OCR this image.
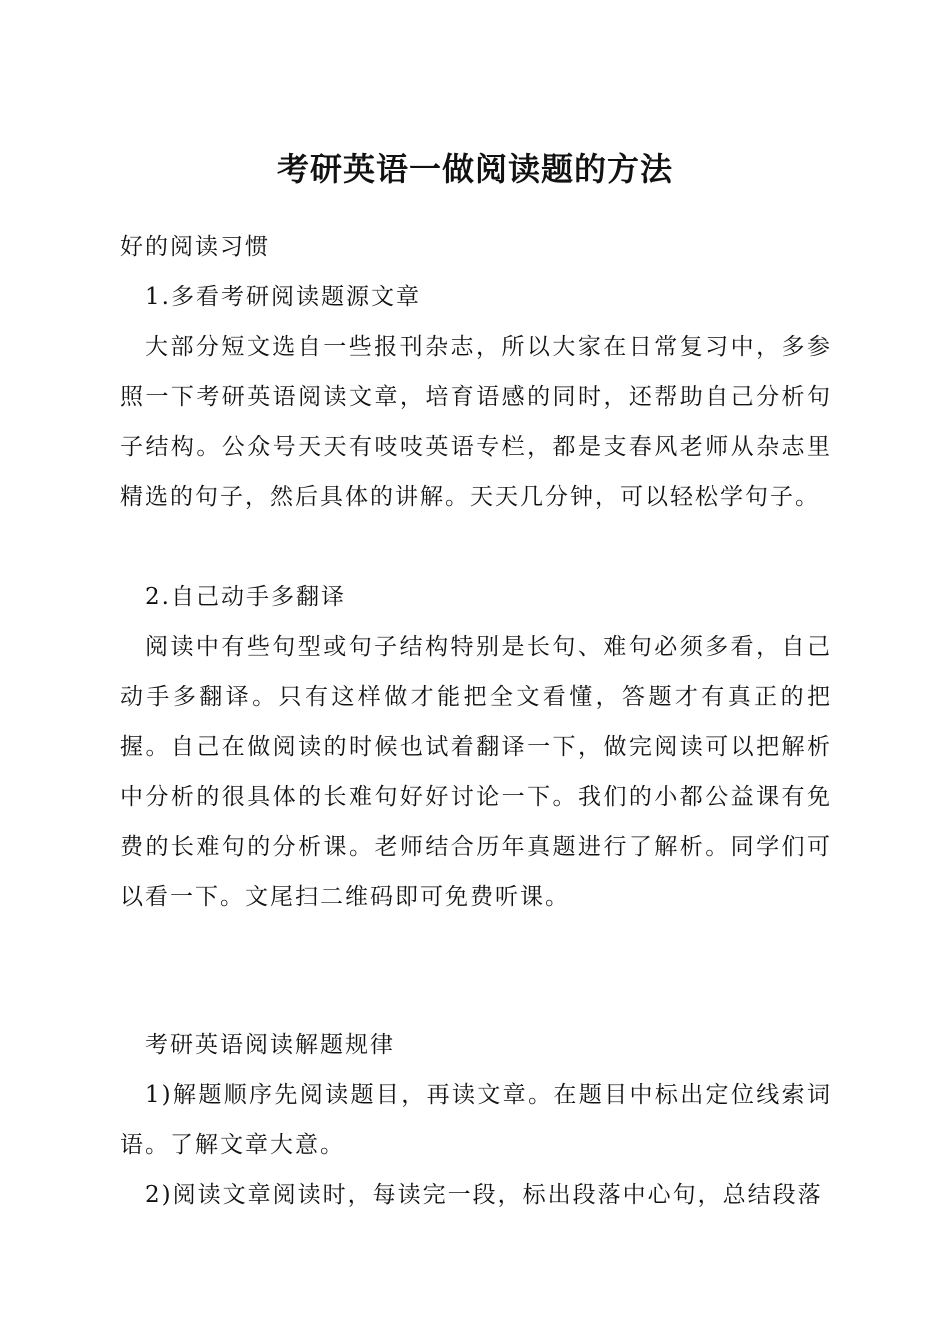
考研英语一做阅读题的方法

好的阅读习惯

1.多看考研阅读题源文章

大部分短文选自一些报刊杂志，所以大家在日常复习中，多参照一下考研英语阅读文章，培育语感的同时，还帮助自己分析句子结构。公众号天天有吱吱英语专栏，都是支春风老师从杂志里精选的句子，然后具体的讲解。天天几分钟，可以轻松学句子。

2.自己动手多翻译

阅读中有些句型或句子结构特别是长句、难句必须多看，自己动手多翻译。只有这样做才能把全文看懂，答题才有真正的把握。自己在做阅读的时候也试着翻译一下，做完阅读可以把解析中分析的很具体的长难句好好讨论一下。我们的小都公益课有免费的长难句的分析课。老师结合历年真题进行了解析。同学们可以看一下。文尾扫二维码即可免费听课。

考研英语阅读解题规律

1)解题顺序先阅读题目，再读文章。在题目中标出定位线索词语。了解文章大意。

2)阅读文章阅读时，每读完一段，标出段落中心句，总结段落
